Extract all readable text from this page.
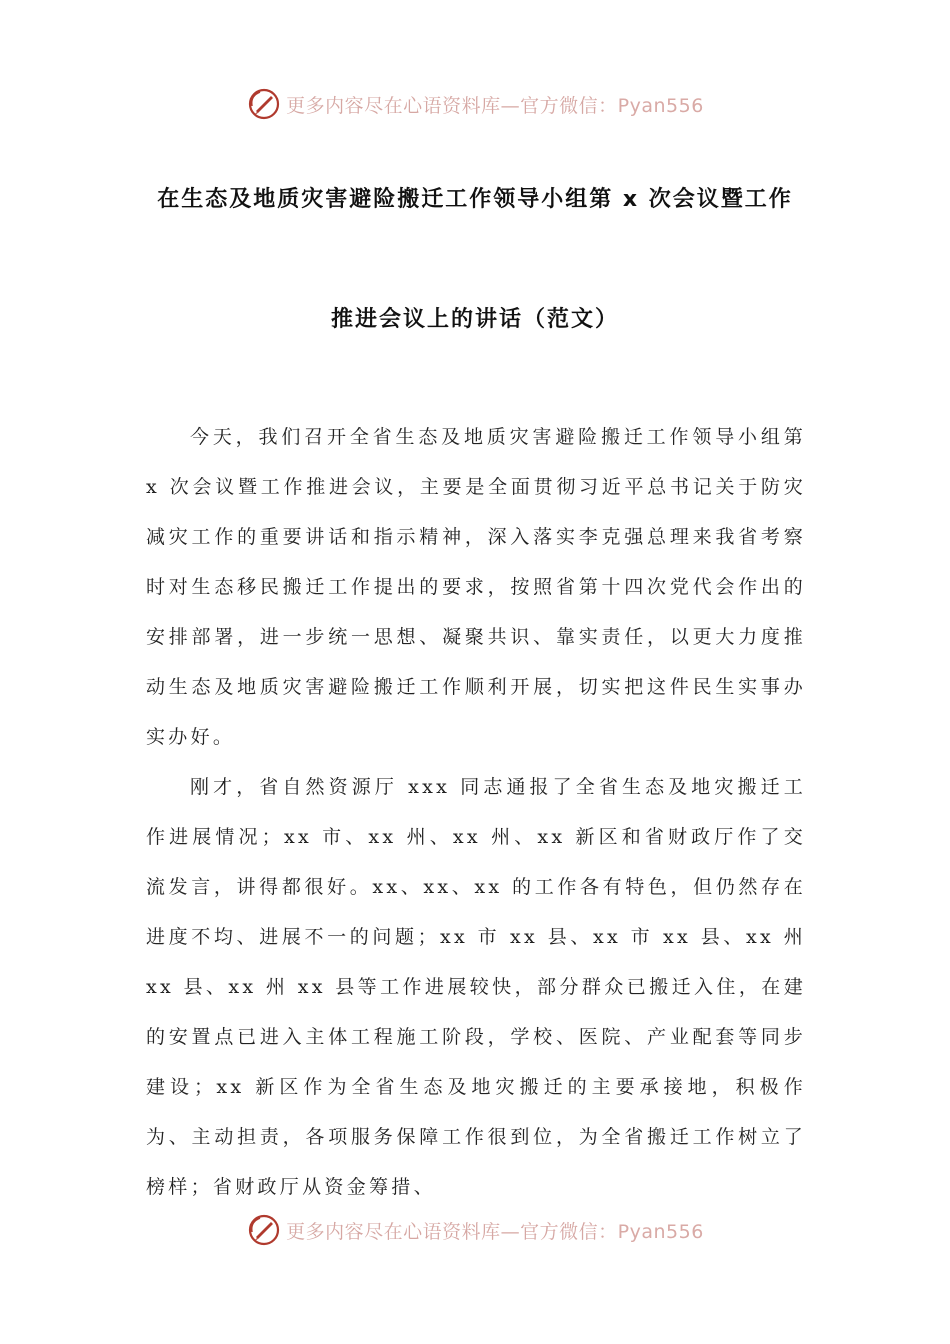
更多内容尽在心语资料库—官方微信：Pyan556
在生态及地质灾害避险搬迁工作领导小组第 x 次会议暨工作
推进会议上的讲话（范文）

今天，我们召开全省生态及地质灾害避险搬迁工作领导小组第 x 次会议暨工作推进会议，主要是全面贯彻习近平总书记关于防灾减灾工作的重要讲话和指示精神，深入落实李克强总理来我省考察时对生态移民搬迁工作提出的要求，按照省第十四次党代会作出的安排部署，进一步统一思想、凝聚共识、靠实责任，以更大力度推动生态及地质灾害避险搬迁工作顺利开展，切实把这件民生实事办实办好。

刚才，省自然资源厅 xxx 同志通报了全省生态及地灾搬迁工作进展情况；xx 市、xx 州、xx 州、xx 新区和省财政厅作了交流发言，讲得都很好。xx、xx、xx 的工作各有特色，但仍然存在进度不均、进展不一的问题；xx 市 xx 县、xx 市 xx 县、xx 州 xx 县、xx 州 xx 县等工作进展较快，部分群众已搬迁入住，在建的安置点已进入主体工程施工阶段，学校、医院、产业配套等同步建设；xx 新区作为全省生态及地灾搬迁的主要承接地，积极作为、主动担责，各项服务保障工作很到位，为全省搬迁工作树立了榜样；省财政厅从资金筹措、

更多内容尽在心语资料库—官方微信：Pyan556
